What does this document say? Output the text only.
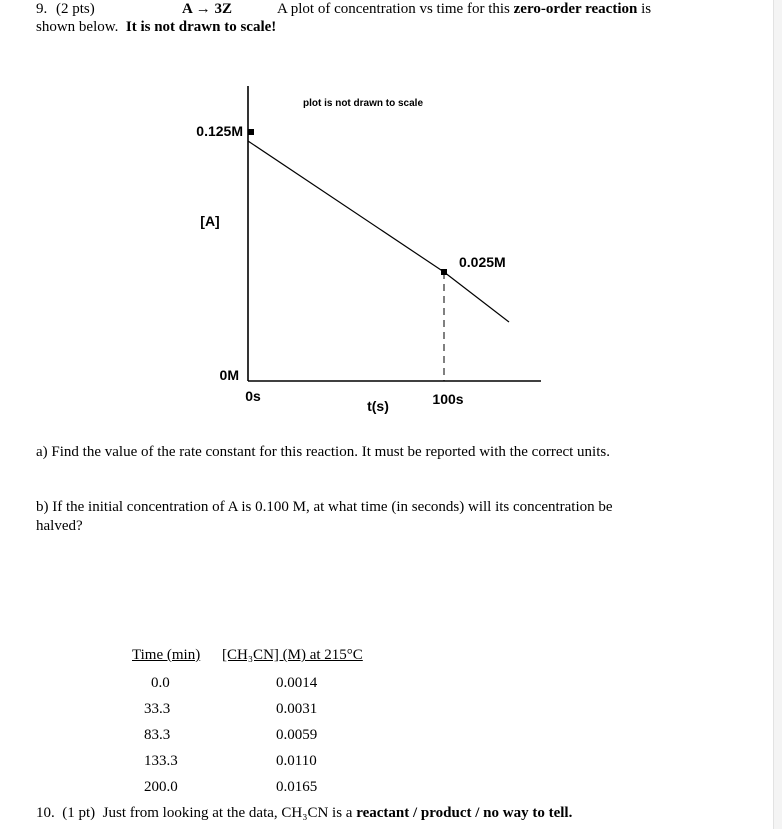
9. (2 pts)	A → 3Z	A plot of concentration vs time for this zero-order reaction is
shown below. It is not drawn to scale!
plot is not drawn to scale
0.125M
[A]
0.025M
0M
0s	100s
t(s)
a) Find the value of the rate constant for this reaction. It must be reported with the correct units.
b) If the initial concentration of A is 0.100 M, at what time (in seconds) will its concentration be
halved?
Time (min) [CH₃CN] (M) at 215°C
0.0	0.0014
33.3	0.0031
83.3	0.0059
133.3	0.0110
200.0	0.0165
10. (1 pt) Just from looking at the data, CH₃CN is a reactant / product / no way to tell.
